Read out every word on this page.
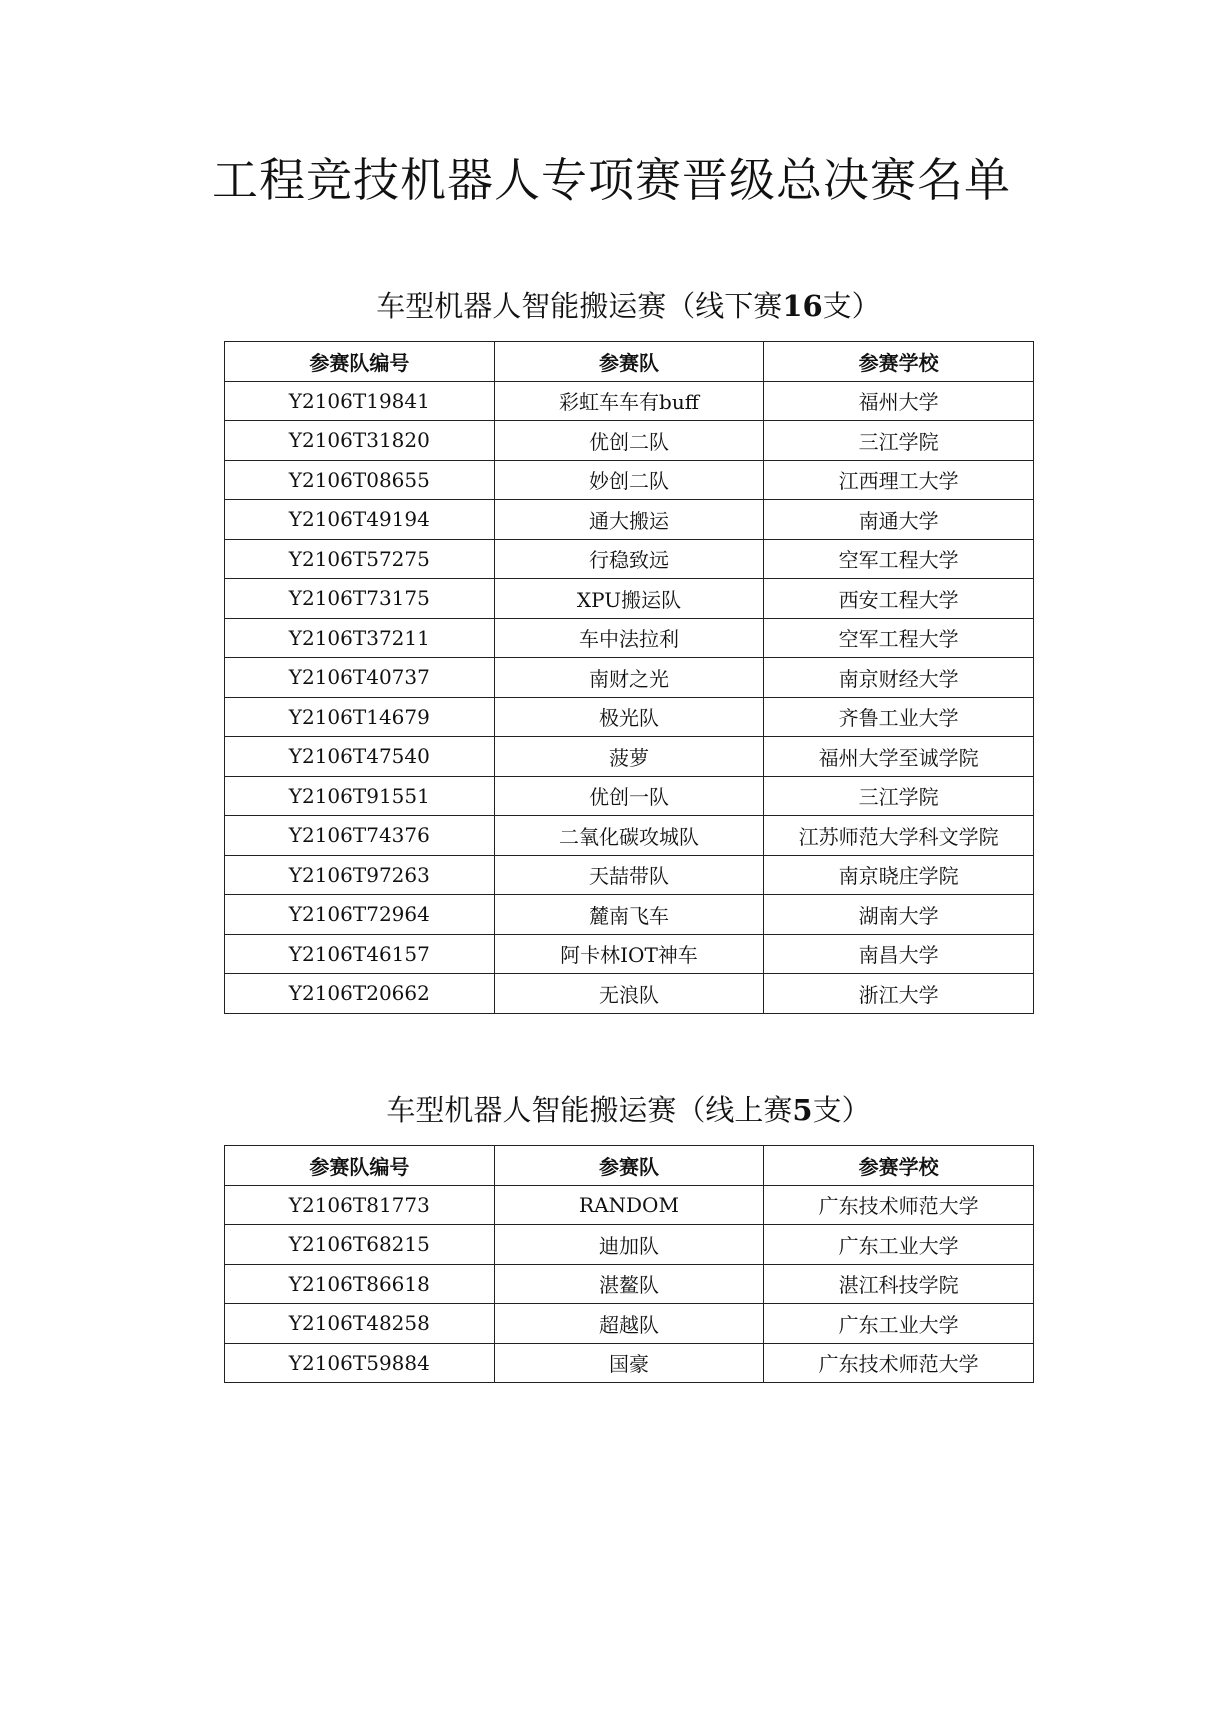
工程竞技机器人专项赛晋级总决赛名单
车型机器人智能搬运赛（线下赛16支）
参赛队编号	参赛队	参赛学校
Y2106T19841	彩虹车车有buff	福州大学
Y2106T31820	优创二队	三江学院
Y2106T08655	妙创二队	江西理工大学
Y2106T49194	通大搬运	南通大学
Y2106T57275	行稳致远	空军工程大学
Y2106T73175	XPU搬运队	西安工程大学
Y2106T37211	车中法拉利	空军工程大学
Y2106T40737	南财之光	南京财经大学
Y2106T14679	极光队	齐鲁工业大学
Y2106T47540	菠萝	福州大学至诚学院
Y2106T91551	优创一队	三江学院
Y2106T74376	二氧化碳攻城队	江苏师范大学科文学院
Y2106T97263	天喆带队	南京晓庄学院
Y2106T72964	麓南飞车	湖南大学
Y2106T46157	阿卡林IOT神车	南昌大学
Y2106T20662	无浪队	浙江大学
车型机器人智能搬运赛（线上赛5支）
参赛队编号	参赛队	参赛学校
Y2106T81773	RANDOM	广东技术师范大学
Y2106T68215	迪加队	广东工业大学
Y2106T86618	湛鳌队	湛江科技学院
Y2106T48258	超越队	广东工业大学
Y2106T59884	国豪	广东技术师范大学
